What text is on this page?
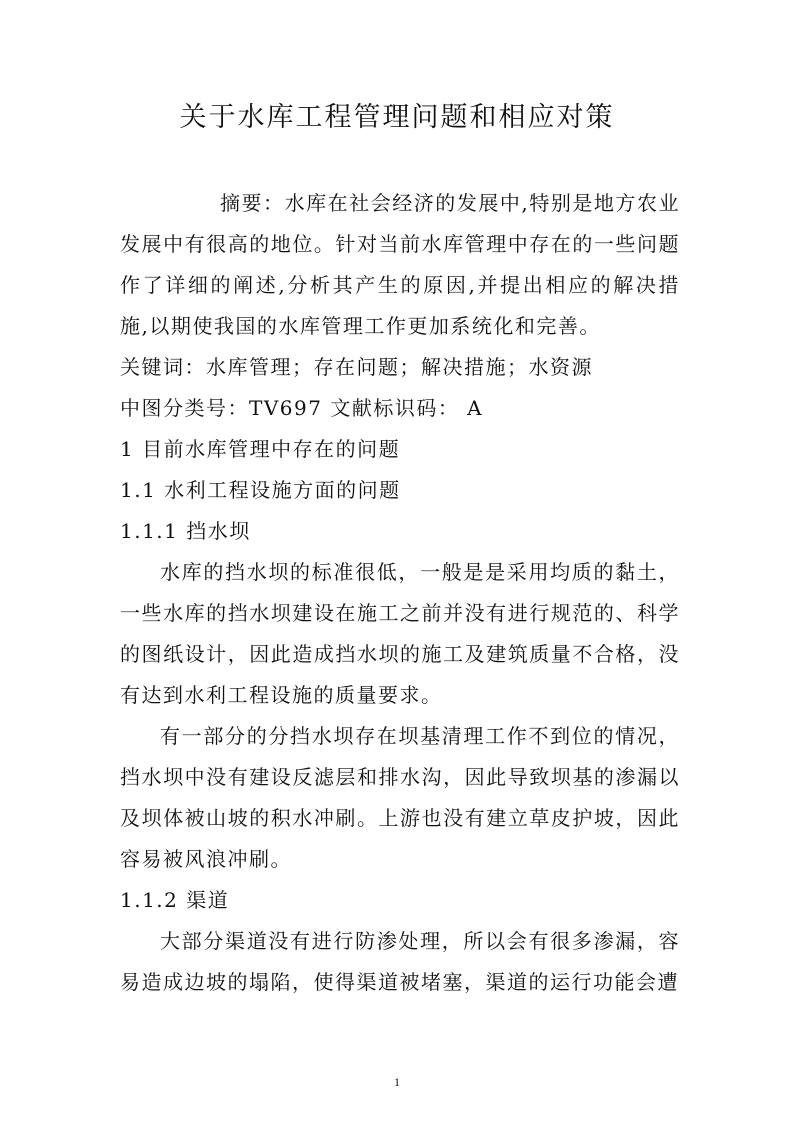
关于水库工程管理问题和相应对策

摘要：水库在社会经济的发展中,特别是地方农业发展中有很高的地位。针对当前水库管理中存在的一些问题作了详细的阐述,分析其产生的原因,并提出相应的解决措施,以期使我国的水库管理工作更加系统化和完善。

关键词：水库管理；存在问题；解决措施；水资源

中图分类号：TV697 文献标识码： A

1 目前水库管理中存在的问题

1.1 水利工程设施方面的问题

1.1.1 挡水坝

水库的挡水坝的标准很低，一般是是采用均质的黏土，一些水库的挡水坝建设在施工之前并没有进行规范的、科学的图纸设计，因此造成挡水坝的施工及建筑质量不合格，没有达到水利工程设施的质量要求。

有一部分的分挡水坝存在坝基清理工作不到位的情况，挡水坝中没有建设反滤层和排水沟，因此导致坝基的渗漏以及坝体被山坡的积水冲刷。上游也没有建立草皮护坡，因此容易被风浪冲刷。

1.1.2 渠道

大部分渠道没有进行防渗处理，所以会有很多渗漏，容易造成边坡的塌陷，使得渠道被堵塞，渠道的运行功能会遭

1
